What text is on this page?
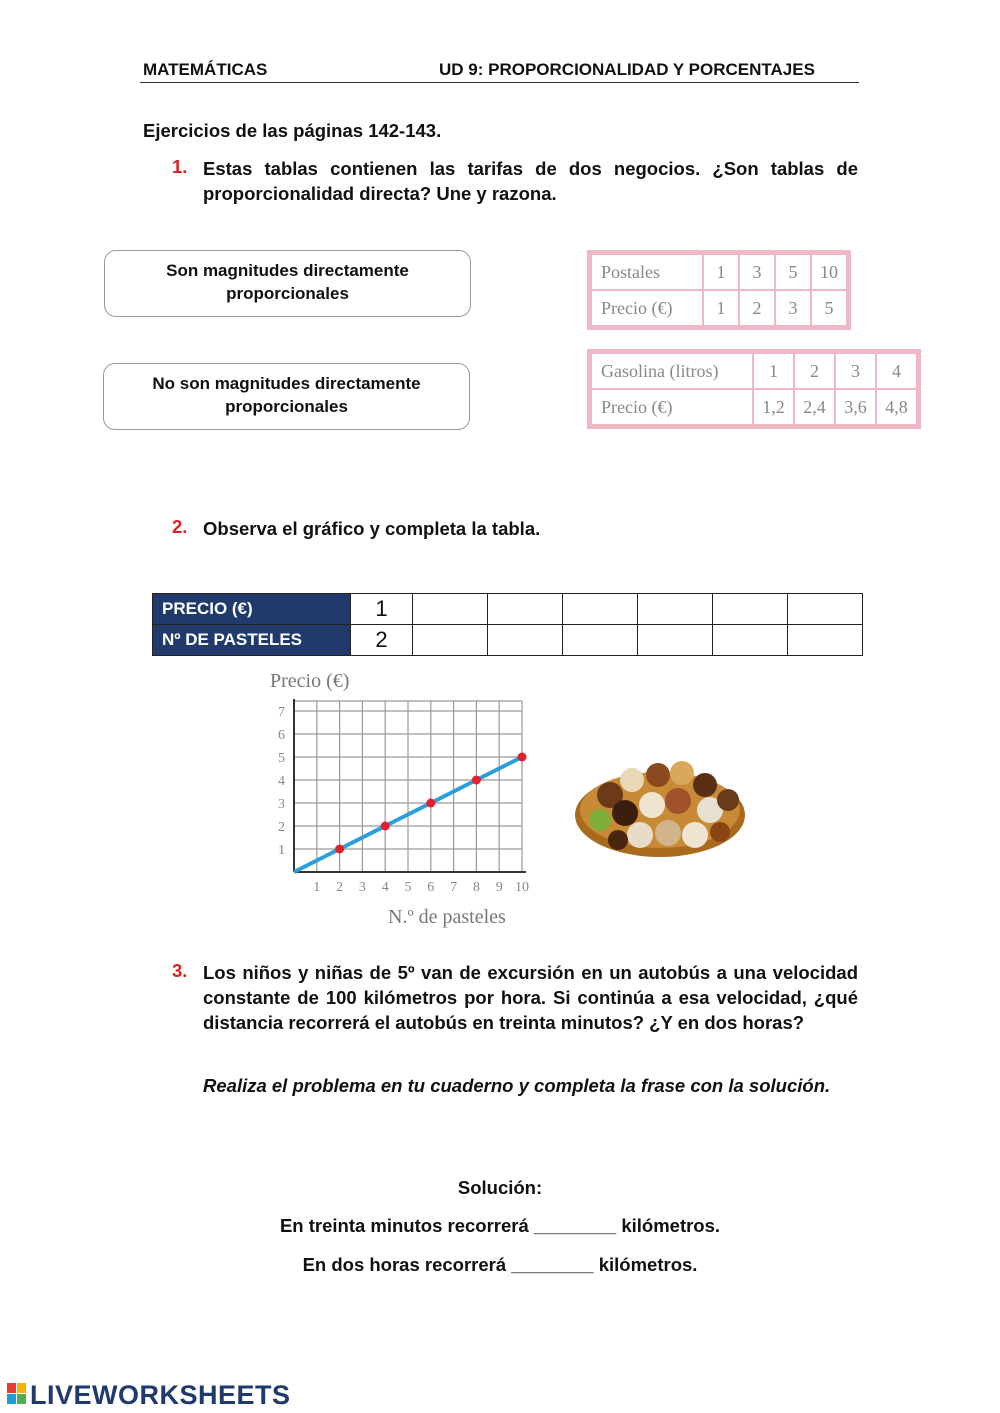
MATEMÁTICAS	UD 9: PROPORCIONALIDAD Y PORCENTAJES
Ejercicios de las páginas 142-143.
1. Estas tablas contienen las tarifas de dos negocios. ¿Son tablas de proporcionalidad directa? Une y razona.
Son magnitudes directamente proporcionales
No son magnitudes directamente proporcionales
Postales	1	3	5	10
Precio (€)	1	2	3	5
Gasolina (litros)	1	2	3	4
Precio (€)	1,2	2,4	3,6	4,8
2. Observa el gráfico y completa la tabla.
PRECIO (€)	1						
Nº DE PASTELES	2						
1 2 3 4 5 6 7 8 9 10
1
2
3
4
5
6
7
Precio (€)
N.º de pasteles
3. Los niños y niñas de 5º van de excursión en un autobús a una velocidad constante de 100 kilómetros por hora. Si continúa a esa velocidad, ¿qué distancia recorrerá el autobús en treinta minutos? ¿Y en dos horas?
Realiza el problema en tu cuaderno y completa la frase con la solución.
Solución:
En treinta minutos recorrerá ________ kilómetros.
En dos horas recorrerá ________ kilómetros.
LIVEWORKSHEETS
